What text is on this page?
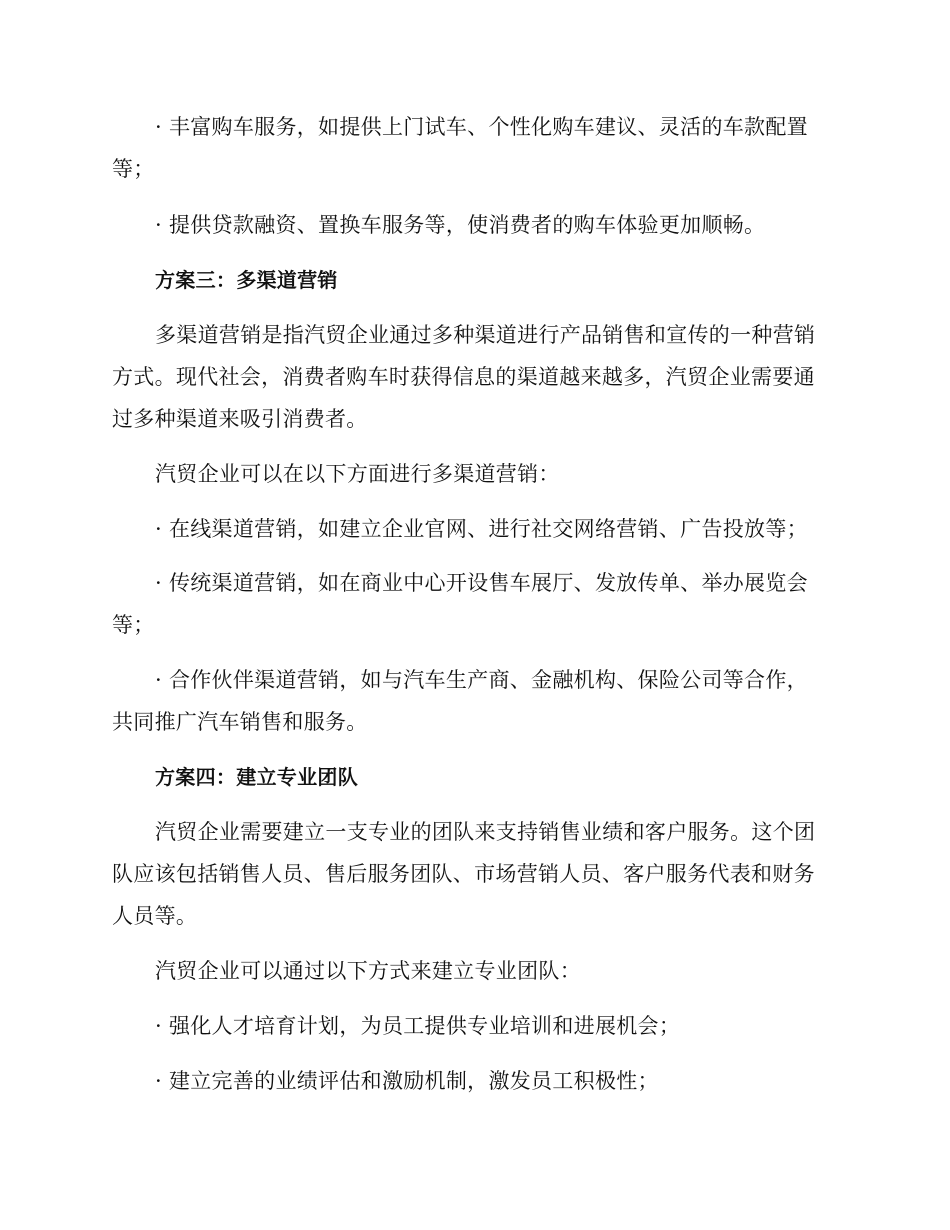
· 丰富购车服务，如提供上门试车、个性化购车建议、灵活的车款配置
等；
· 提供贷款融资、置换车服务等，使消费者的购车体验更加顺畅。
方案三：多渠道营销
多渠道营销是指汽贸企业通过多种渠道进行产品销售和宣传的一种营销
方式。现代社会，消费者购车时获得信息的渠道越来越多，汽贸企业需要通
过多种渠道来吸引消费者。
汽贸企业可以在以下方面进行多渠道营销：
· 在线渠道营销，如建立企业官网、进行社交网络营销、广告投放等；
· 传统渠道营销，如在商业中心开设售车展厅、发放传单、举办展览会
等；
· 合作伙伴渠道营销，如与汽车生产商、金融机构、保险公司等合作，
共同推广汽车销售和服务。
方案四：建立专业团队
汽贸企业需要建立一支专业的团队来支持销售业绩和客户服务。这个团
队应该包括销售人员、售后服务团队、市场营销人员、客户服务代表和财务
人员等。
汽贸企业可以通过以下方式来建立专业团队：
· 强化人才培育计划，为员工提供专业培训和进展机会；
· 建立完善的业绩评估和激励机制，激发员工积极性；
